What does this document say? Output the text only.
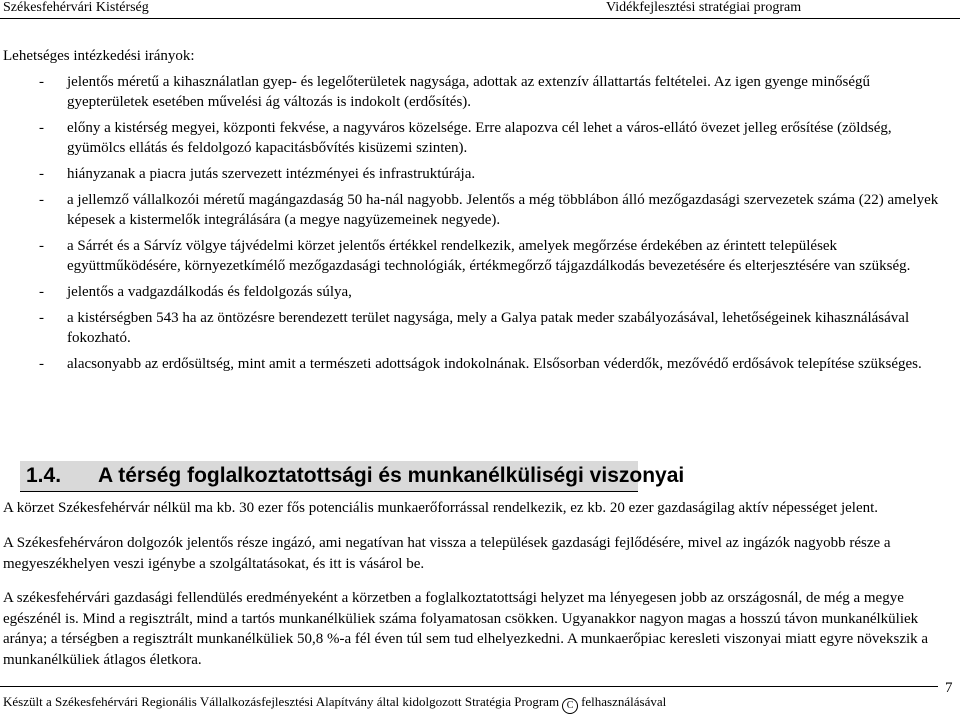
Székesfehérvári Kistérség	Vidékfejlesztési stratégiai program
Lehetséges intézkedési irányok:
- jelentős méretű a kihasználatlan gyep- és legelőterületek nagysága, adottak az extenzív állattartás feltételei. Az igen gyenge minőségű gyepterületek esetében művelési ág változás is indokolt (erdősítés).
- előny a kistérség megyei, központi fekvése, a nagyváros közelsége. Erre alapozva cél lehet a város-ellátó övezet jelleg erősítése (zöldség, gyümölcs ellátás és feldolgozó kapacitásbővítés kisüzemi szinten).
- hiányzanak a piacra jutás szervezett intézményei és infrastruktúrája.
- a jellemző vállalkozói méretű magángazdaság 50 ha-nál nagyobb. Jelentős a még többlábon álló mezőgazdasági szervezetek száma (22) amelyek képesek a kistermelők integrálására (a megye nagyüzemeinek negyede).
- a Sárrét és a Sárvíz völgye tájvédelmi körzet jelentős értékkel rendelkezik, amelyek megőrzése érdekében az érintett települések együttműködésére, környezetkímélő mezőgazdasági technológiák, értékmegőrző tájgazdálkodás bevezetésére és elterjesztésére van szükség.
- jelentős a vadgazdálkodás és feldolgozás súlya,
- a kistérségben 543 ha az öntözésre berendezett terület nagysága, mely a Galya patak meder szabályozásával, lehetőségeinek kihasználásával fokozható.
- alacsonyabb az erdősültség, mint amit a természeti adottságok indokolnának. Elsősorban véderdők, mezővédő erdősávok telepítése szükséges.
1.4. A térség foglalkoztatottsági és munkanélküliségi viszonyai

A körzet Székesfehérvár nélkül ma kb. 30 ezer fős potenciális munkaerőforrással rendelkezik, ez kb. 20 ezer gazdaságilag aktív népességet jelent.

A Székesfehérváron dolgozók jelentős része ingázó, ami negatívan hat vissza a települések gazdasági fejlődésére, mivel az ingázók nagyobb része a megyeszékhelyen veszi igénybe a szolgáltatásokat, és itt is vásárol be.

A székesfehérvári gazdasági fellendülés eredményeként a körzetben a foglalkoztatottsági helyzet ma lényegesen jobb az országosnál, de még a megye egészénél is. Mind a regisztrált, mind a tartós munkanélküliek száma folyamatosan csökken. Ugyanakkor nagyon magas a hosszú távon munkanélküliek aránya; a térségben a regisztrált munkanélküliek 50,8 %-a fél éven túl sem tud elhelyezkedni. A munkaerőpiac keresleti viszonyai miatt egyre növekszik a munkanélküliek átlagos életkora.

Készült a Székesfehérvári Regionális Vállalkozásfejlesztési Alapítvány által kidolgozott Stratégia Program C felhasználásával
7
